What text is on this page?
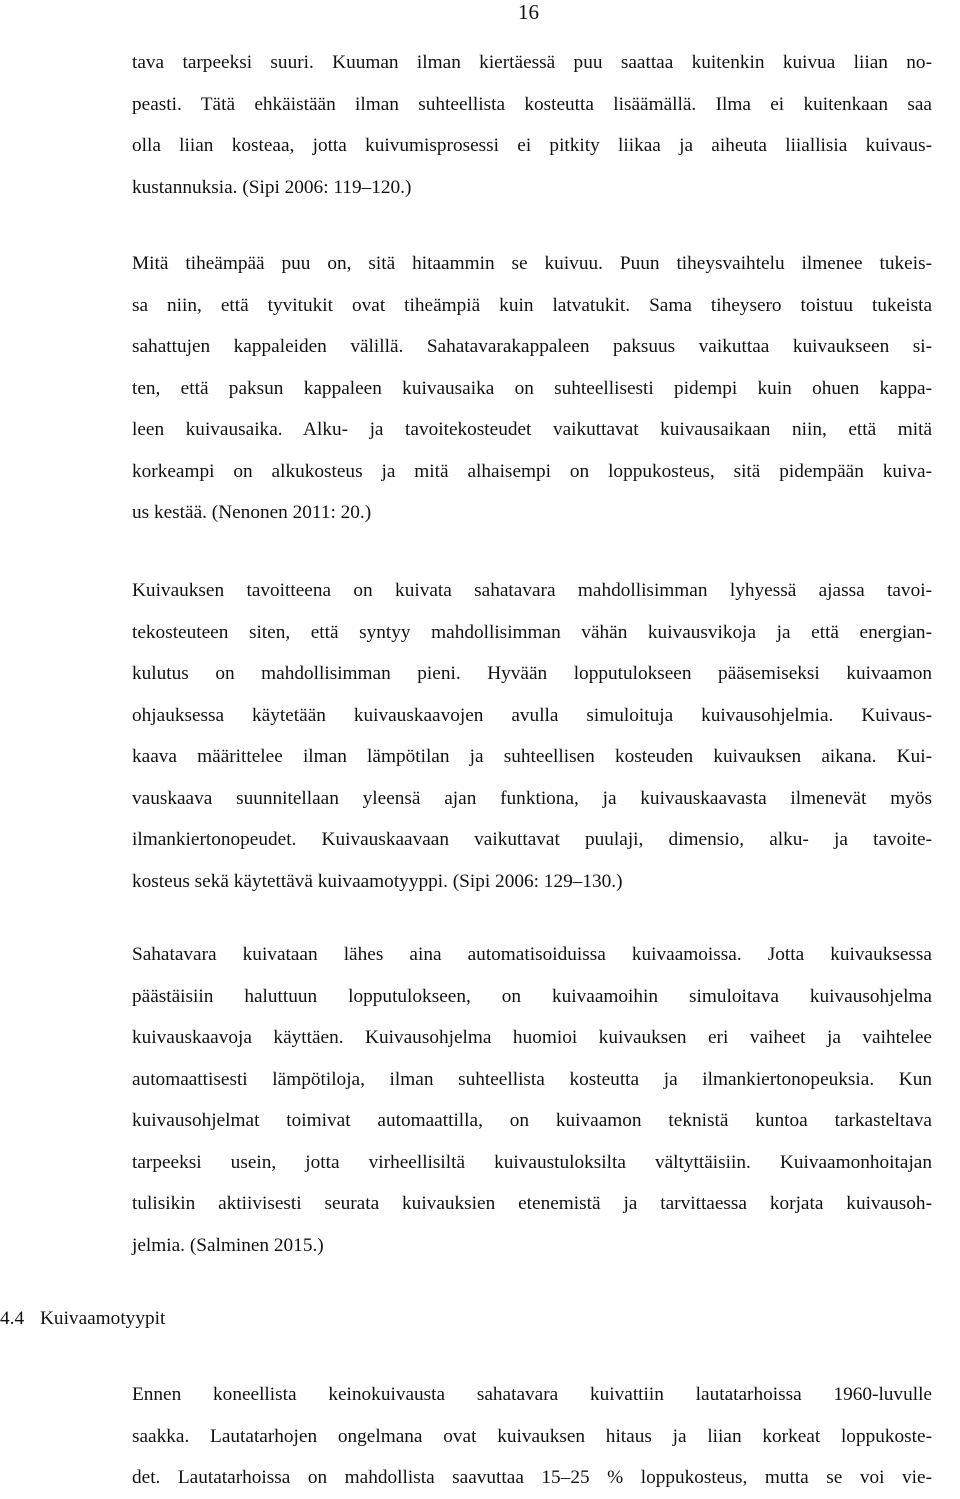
16
tava tarpeeksi suuri. Kuuman ilman kiertäessä puu saattaa kuitenkin kuivua liian no-
peasti. Tätä ehkäistään ilman suhteellista kosteutta lisäämällä. Ilma ei kuitenkaan saa
olla liian kosteaa, jotta kuivumisprosessi ei pitkity liikaa ja aiheuta liiallisia kuivaus-
kustannuksia. (Sipi 2006: 119–120.)
Mitä tiheämpää puu on, sitä hitaammin se kuivuu. Puun tiheysvaihtelu ilmenee tukeis-
sa niin, että tyvitukit ovat tiheämpiä kuin latvatukit. Sama tiheysero toistuu tukeista
sahattujen kappaleiden välillä. Sahatavarakappaleen paksuus vaikuttaa kuivaukseen si-
ten, että paksun kappaleen kuivausaika on suhteellisesti pidempi kuin ohuen kappa-
leen kuivausaika. Alku- ja tavoitekosteudet vaikuttavat kuivausaikaan niin, että mitä
korkeampi on alkukosteus ja mitä alhaisempi on loppukosteus, sitä pidempään kuiva-
us kestää. (Nenonen 2011: 20.)
Kuivauksen tavoitteena on kuivata sahatavara mahdollisimman lyhyessä ajassa tavoi-
tekosteuteen siten, että syntyy mahdollisimman vähän kuivausvikoja ja että energian-
kulutus on mahdollisimman pieni. Hyvään lopputulokseen pääsemiseksi kuivaamon
ohjauksessa käytetään kuivauskaavojen avulla simuloituja kuivausohjelmia. Kuivaus-
kaava määrittelee ilman lämpötilan ja suhteellisen kosteuden kuivauksen aikana. Kui-
vauskaava suunnitellaan yleensä ajan funktiona, ja kuivauskaavasta ilmenevät myös
ilmankiertonopeudet. Kuivauskaavaan vaikuttavat puulaji, dimensio, alku- ja tavoite-
kosteus sekä käytettävä kuivaamotyyppi. (Sipi 2006: 129–130.)
Sahatavara kuivataan lähes aina automatisoiduissa kuivaamoissa. Jotta kuivauksessa
päästäisiin haluttuun lopputulokseen, on kuivaamoihin simuloitava kuivausohjelma
kuivauskaavoja käyttäen. Kuivausohjelma huomioi kuivauksen eri vaiheet ja vaihtelee
automaattisesti lämpötiloja, ilman suhteellista kosteutta ja ilmankiertonopeuksia. Kun
kuivausohjelmat toimivat automaattilla, on kuivaamon teknistä kuntoa tarkasteltava
tarpeeksi usein, jotta virheellisiltä kuivaustuloksilta vältyttäisiin. Kuivaamonhoitajan
tulisikin aktiivisesti seurata kuivauksien etenemistä ja tarvittaessa korjata kuivausoh-
jelmia. (Salminen 2015.)
4.4 Kuivaamotyypit
Ennen koneellista keinokuivausta sahatavara kuivattiin lautatarhoissa 1960-luvulle
saakka. Lautatarhojen ongelmana ovat kuivauksen hitaus ja liian korkeat loppukoste-
det. Lautatarhoissa on mahdollista saavuttaa 15–25 % loppukosteus, mutta se voi vie-
